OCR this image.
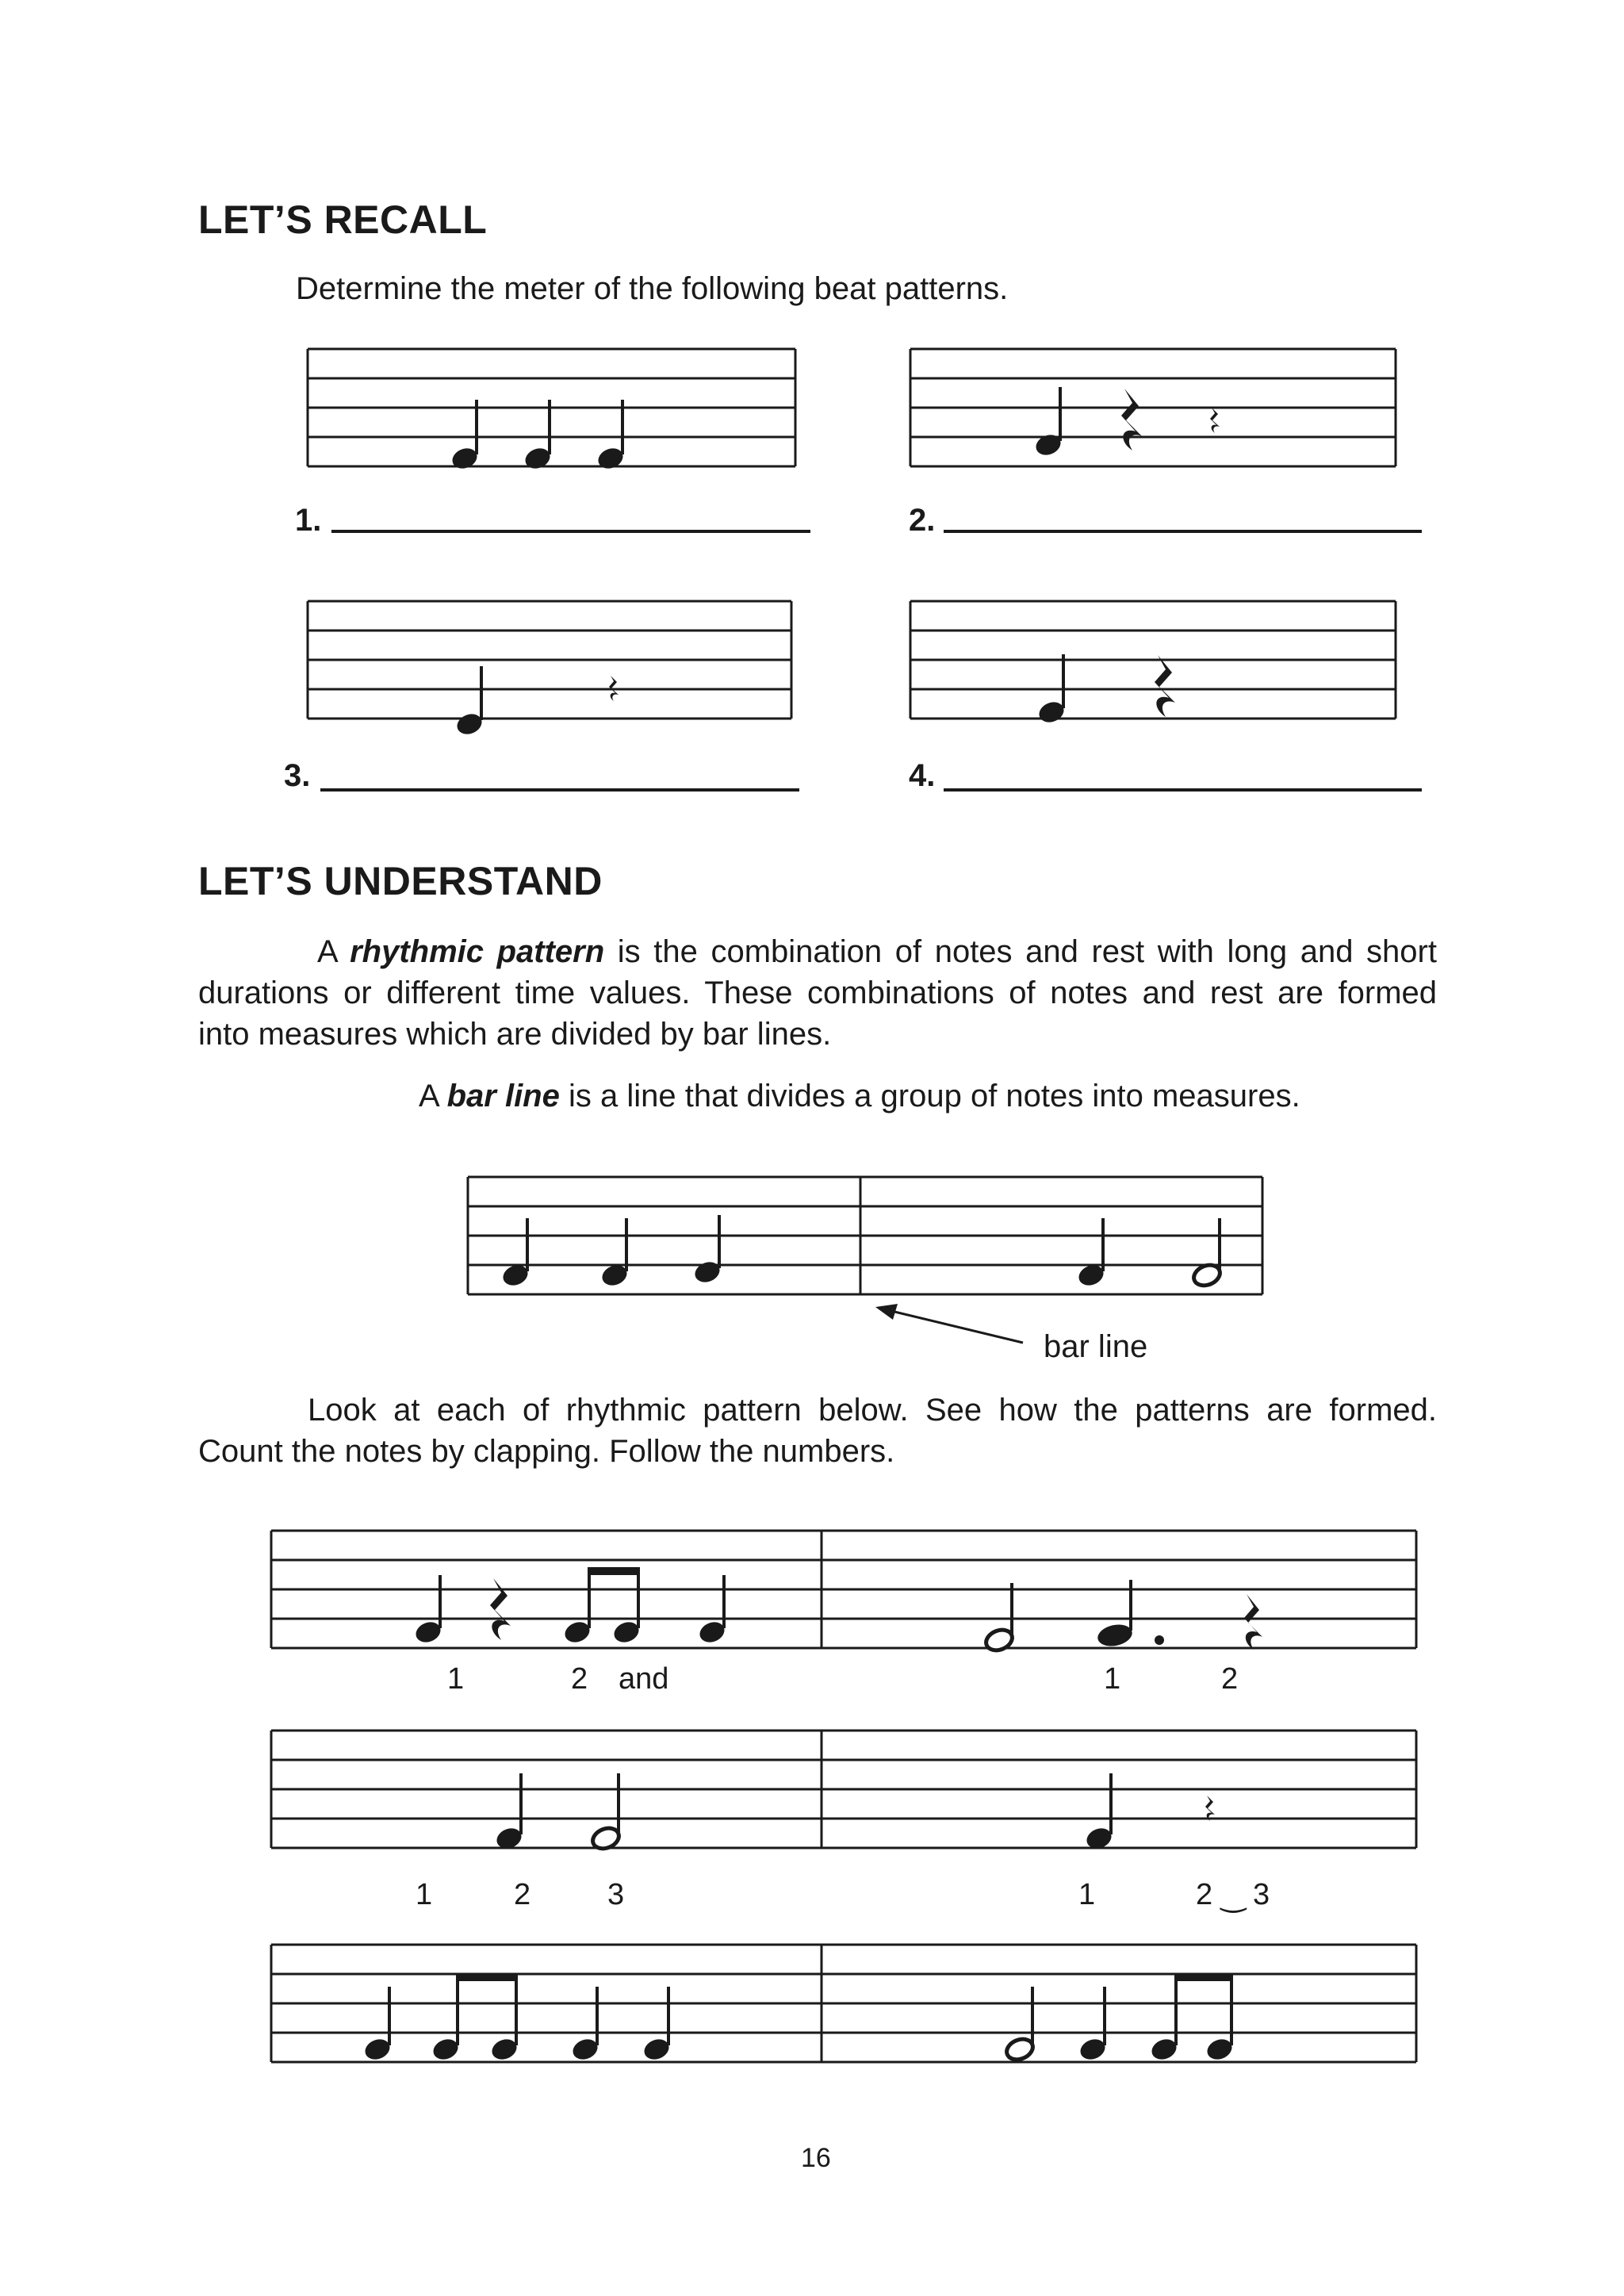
LET’S RECALL
Determine the meter of the following beat patterns.
1.	2.
3.	4.
LET’S UNDERSTAND
A rhythmic pattern is the combination of notes and rest with long and short
durations or different time values. These combinations of notes and rest are formed
into measures which are divided by bar lines.
A bar line is a line that divides a group of notes into measures.
bar line
Look at each of rhythmic pattern below. See how the patterns are formed.
Count the notes by clapping. Follow the numbers.
1	2 and	1	2
1	2	3	1	2 ‿ 3
16
